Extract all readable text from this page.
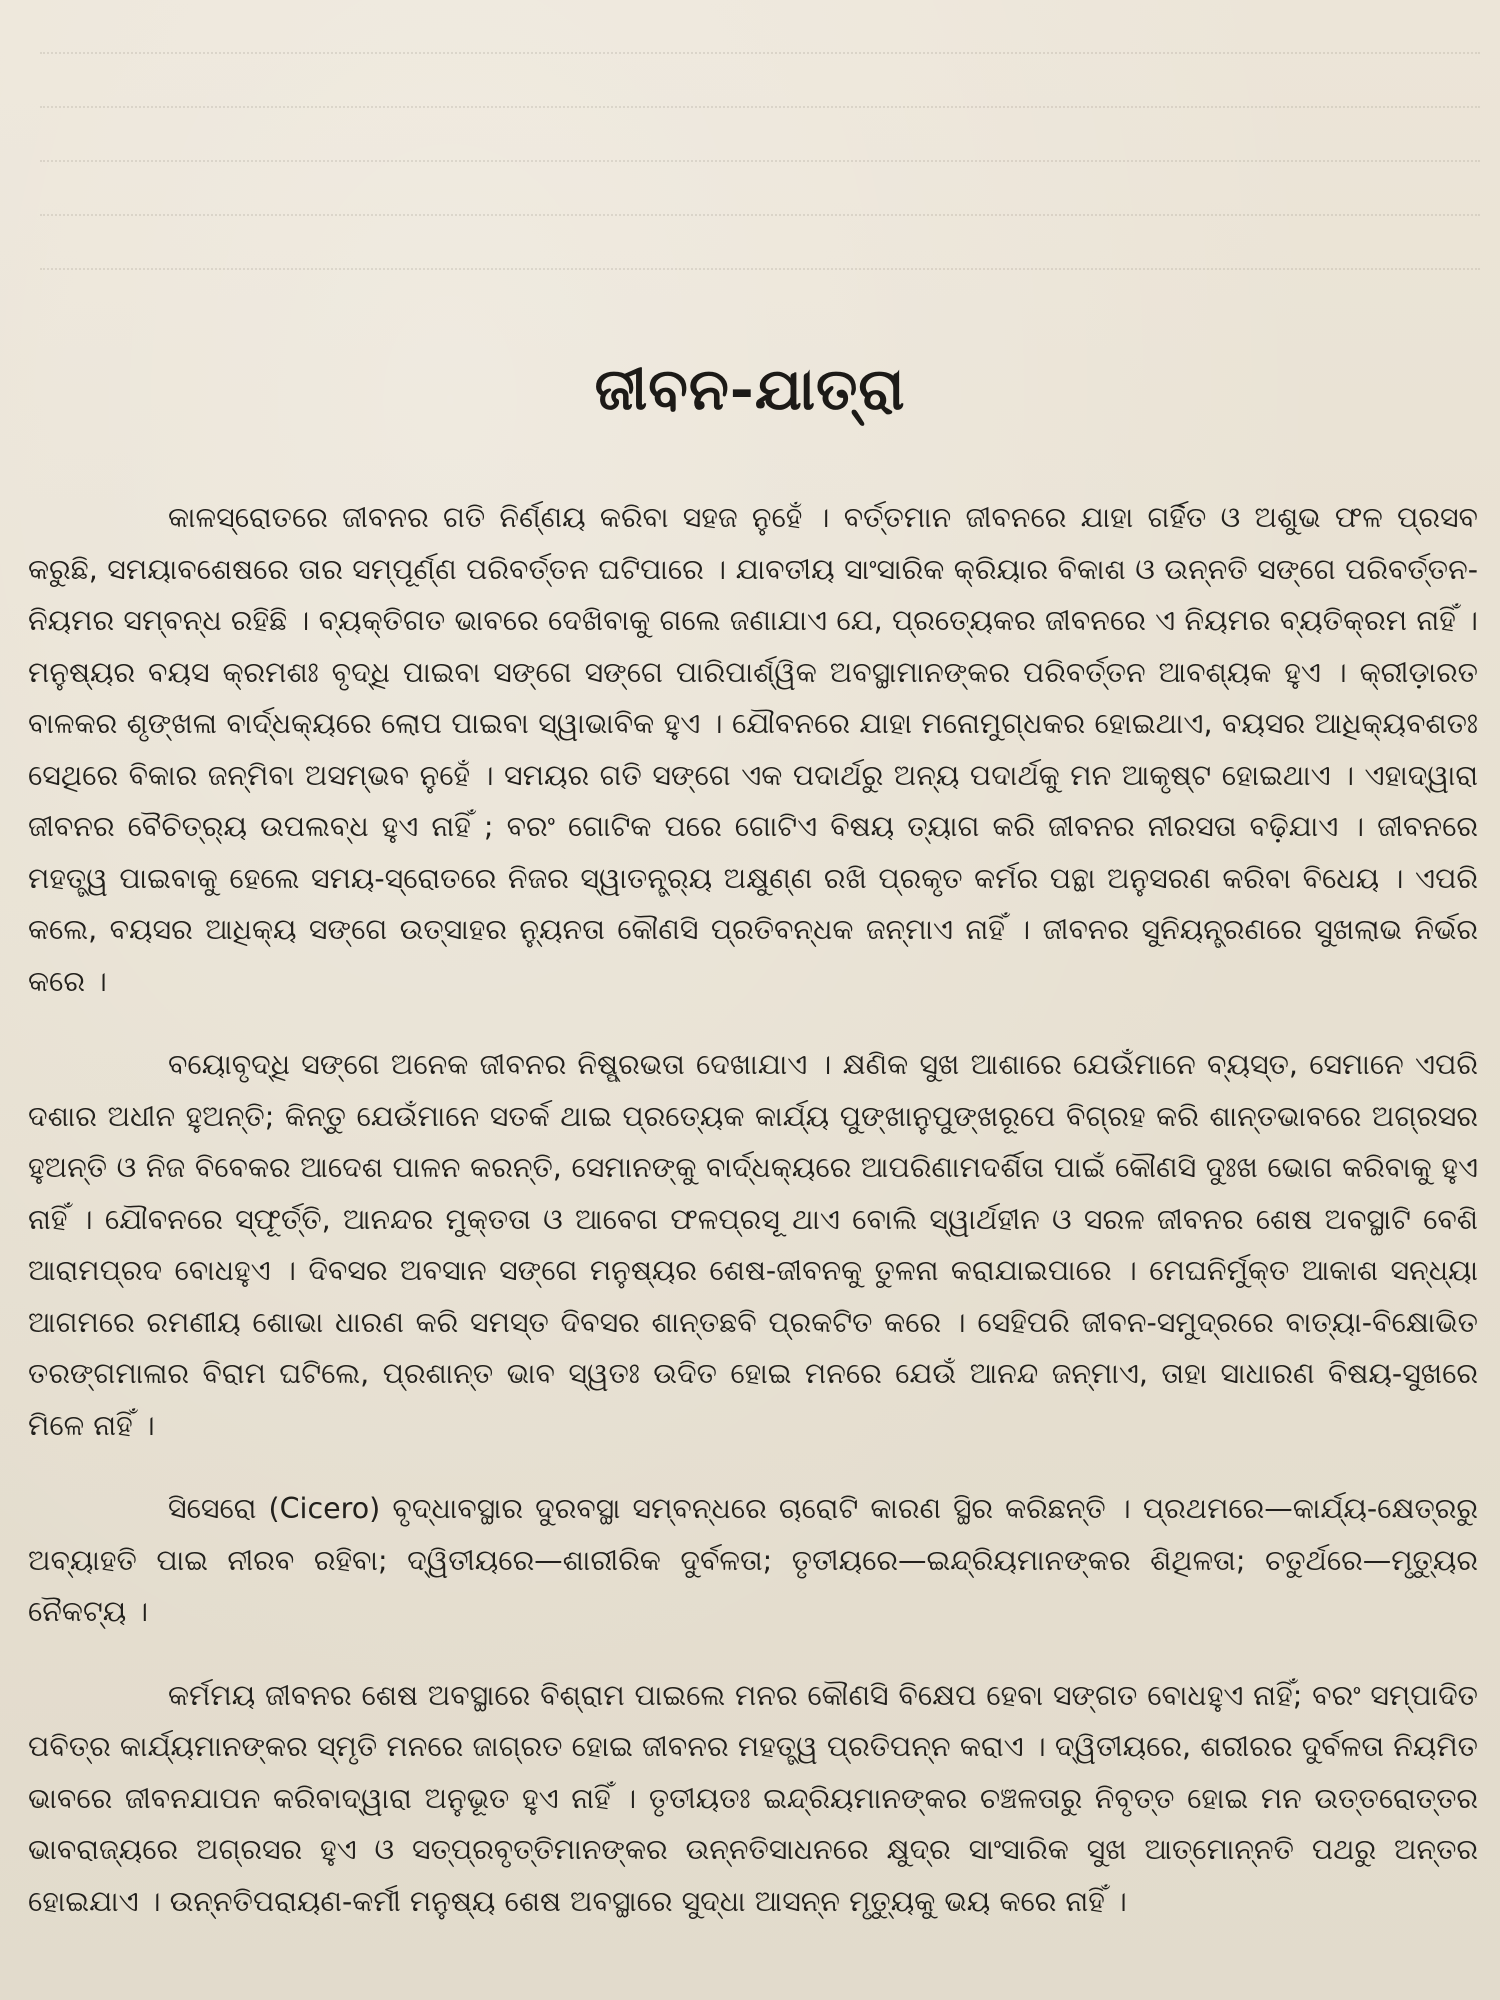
ଜୀବନ-ଯାତ୍ରା

କାଳସ୍ରୋତରେ ଜୀବନର ଗତି ନିର୍ଣ୍ଣୟ କରିବା ସହଜ ନୁହେଁ । ବର୍ତ୍ତମାନ ଜୀବନରେ ଯାହା ଗର୍ହିତ ଓ ଅଶୁଭ ଫଳ ପ୍ରସବ କରୁଛି, ସମୟାବଶେଷରେ ତାର ସମ୍ପୂର୍ଣ୍ଣ ପରିବର୍ତ୍ତନ ଘଟିପାରେ । ଯାବତୀୟ ସାଂସାରିକ କ୍ରିୟାର ବିକାଶ ଓ ଉନ୍ନତି ସଙ୍ଗେ ପରିବର୍ତ୍ତନ-ନିୟମର ସମ୍ବନ୍ଧ ରହିଛି । ବ୍ୟକ୍ତିଗତ ଭାବରେ ଦେଖିବାକୁ ଗଲେ ଜଣାଯାଏ ଯେ, ପ୍ରତ୍ୟେକର ଜୀବନରେ ଏ ନିୟମର ବ୍ୟତିକ୍ରମ ନାହିଁ । ମନୁଷ୍ୟର ବୟସ କ୍ରମଶଃ ବୃଦ୍ଧି ପାଇବା ସଙ୍ଗେ ସଙ୍ଗେ ପାରିପାର୍ଶ୍ୱିକ ଅବସ୍ଥାମାନଙ୍କର ପରିବର୍ତ୍ତନ ଆବଶ୍ୟକ ହୁଏ । କ୍ରୀଡ଼ାରତ ବାଳକର ଶୃଙ୍ଖଳା ବାର୍ଦ୍ଧକ୍ୟରେ ଲୋପ ପାଇବା ସ୍ୱାଭାବିକ ହୁଏ । ଯୌବନରେ ଯାହା ମନୋମୁଗ୍ଧକର ହୋଇଥାଏ, ବୟସର ଆଧିକ୍ୟବଶତଃ ସେଥିରେ ବିକାର ଜନ୍ମିବା ଅସମ୍ଭବ ନୁହେଁ । ସମୟର ଗତି ସଙ୍ଗେ ଏକ ପଦାର୍ଥରୁ ଅନ୍ୟ ପଦାର୍ଥକୁ ମନ ଆକୃଷ୍ଟ ହୋଇଥାଏ । ଏହାଦ୍ୱାରା ଜୀବନର ବୈଚିତ୍ର୍ୟ ଉପଲବ୍ଧ ହୁଏ ନାହିଁ ; ବରଂ ଗୋଟିକ ପରେ ଗୋଟିଏ ବିଷୟ ତ୍ୟାଗ କରି ଜୀବନର ନୀରସତା ବଢ଼ିଯାଏ । ଜୀବନରେ ମହତ୍ତ୍ୱ ପାଇବାକୁ ହେଲେ ସମୟ-ସ୍ରୋତରେ ନିଜର ସ୍ୱାତନ୍ତ୍ର୍ୟ ଅକ୍ଷୁଣ୍ଣ ରଖି ପ୍ରକୃତ କର୍ମର ପନ୍ଥା ଅନୁସରଣ କରିବା ବିଧେୟ । ଏପରି କଲେ, ବୟସର ଆଧିକ୍ୟ ସଙ୍ଗେ ଉତ୍ସାହର ନ୍ୟୁନତା କୌଣସି ପ୍ରତିବନ୍ଧକ ଜନ୍ମାଏ ନାହିଁ । ଜୀବନର ସୁନିୟନ୍ତ୍ରଣରେ ସୁଖଲାଭ ନିର୍ଭର କରେ ।

ବୟୋବୃଦ୍ଧି ସଙ୍ଗେ ଅନେକ ଜୀବନର ନିଷ୍ପ୍ରଭତା ଦେଖାଯାଏ । କ୍ଷଣିକ ସୁଖ ଆଶାରେ ଯେଉଁମାନେ ବ୍ୟସ୍ତ, ସେମାନେ ଏପରି ଦଶାର ଅଧୀନ ହୁଅନ୍ତି; କିନ୍ତୁ ଯେଉଁମାନେ ସତର୍କ ଥାଇ ପ୍ରତ୍ୟେକ କାର୍ଯ୍ୟ ପୁଙ୍ଖାନୁପୁଙ୍ଖରୂପେ ବିଗ୍ରହ କରି ଶାନ୍ତଭାବରେ ଅଗ୍ରସର ହୁଅନ୍ତି ଓ ନିଜ ବିବେକର ଆଦେଶ ପାଳନ କରନ୍ତି, ସେମାନଙ୍କୁ ବାର୍ଦ୍ଧକ୍ୟରେ ଆପରିଣାମଦର୍ଶିତା ପାଇଁ କୌଣସି ଦୁଃଖ ଭୋଗ କରିବାକୁ ହୁଏ ନାହିଁ । ଯୌବନରେ ସ୍ଫୂର୍ତ୍ତି, ଆନନ୍ଦର ମୁକ୍ତତା ଓ ଆବେଗ ଫଳପ୍ରସୂ ଥାଏ ବୋଲି ସ୍ୱାର୍ଥହୀନ ଓ ସରଳ ଜୀବନର ଶେଷ ଅବସ୍ଥାଟି ବେଶି ଆରାମପ୍ରଦ ବୋଧହୁଏ । ଦିବସର ଅବସାନ ସଙ୍ଗେ ମନୁଷ୍ୟର ଶେଷ-ଜୀବନକୁ ତୁଳନା କରାଯାଇପାରେ । ମେଘନିର୍ମୁକ୍ତ ଆକାଶ ସନ୍ଧ୍ୟା ଆଗମରେ ରମଣୀୟ ଶୋଭା ଧାରଣ କରି ସମସ୍ତ ଦିବସର ଶାନ୍ତଛବି ପ୍ରକଟିତ କରେ । ସେହିପରି ଜୀବନ-ସମୁଦ୍ରରେ ବାତ୍ୟା-ବିକ୍ଷୋଭିତ ତରଙ୍ଗମାଳାର ବିରାମ ଘଟିଲେ, ପ୍ରଶାନ୍ତ ଭାବ ସ୍ୱତଃ ଉଦିତ ହୋଇ ମନରେ ଯେଉଁ ଆନନ୍ଦ ଜନ୍ମାଏ, ତାହା ସାଧାରଣ ବିଷୟ-ସୁଖରେ ମିଳେ ନାହିଁ ।

ସିସେରୋ (Cicero) ବୃଦ୍ଧାବସ୍ଥାର ଦୁରବସ୍ଥା ସମ୍ବନ୍ଧରେ ଚାରୋଟି କାରଣ ସ୍ଥିର କରିଛନ୍ତି । ପ୍ରଥମରେ—କାର୍ଯ୍ୟ-କ୍ଷେତ୍ରରୁ ଅବ୍ୟାହତି ପାଇ ନୀରବ ରହିବା; ଦ୍ୱିତୀୟରେ—ଶାରୀରିକ ଦୁର୍ବଳତା; ତୃତୀୟରେ—ଇନ୍ଦ୍ରିୟମାନଙ୍କର ଶିଥିଳତା; ଚତୁର୍ଥରେ—ମୃତ୍ୟୁର ନୈକଟ୍ୟ ।

କର୍ମମୟ ଜୀବନର ଶେଷ ଅବସ୍ଥାରେ ବିଶ୍ରାମ ପାଇଲେ ମନର କୌଣସି ବିକ୍ଷେପ ହେବା ସଙ୍ଗତ ବୋଧହୁଏ ନାହିଁ; ବରଂ ସମ୍ପାଦିତ ପବିତ୍ର କାର୍ଯ୍ୟମାନଙ୍କର ସ୍ମୃତି ମନରେ ଜାଗ୍ରତ ହୋଇ ଜୀବନର ମହତ୍ତ୍ୱ ପ୍ରତିପନ୍ନ କରାଏ । ଦ୍ୱିତୀୟରେ, ଶରୀରର ଦୁର୍ବଳତା ନିୟମିତ ଭାବରେ ଜୀବନଯାପନ କରିବାଦ୍ୱାରା ଅନୁଭୂତ ହୁଏ ନାହିଁ । ତୃତୀୟତଃ ଇନ୍ଦ୍ରିୟମାନଙ୍କର ଚଞ୍ଚଳତାରୁ ନିବୃତ୍ତ ହୋଇ ମନ ଉତ୍ତରୋତ୍ତର ଭାବରାଜ୍ୟରେ ଅଗ୍ରସର ହୁଏ ଓ ସତ୍‌ପ୍ରବୃତ୍ତିମାନଙ୍କର ଉନ୍ନତିସାଧନରେ କ୍ଷୁଦ୍ର ସାଂସାରିକ ସୁଖ ଆତ୍ମୋନ୍ନତି ପଥରୁ ଅନ୍ତର ହୋଇଯାଏ । ଉନ୍ନତିପରାୟଣ-କର୍ମୀ ମନୁଷ୍ୟ ଶେଷ ଅବସ୍ଥାରେ ସୁଦ୍ଧା ଆସନ୍ନ ମୃତ୍ୟୁକୁ ଭୟ କରେ ନାହିଁ ।
